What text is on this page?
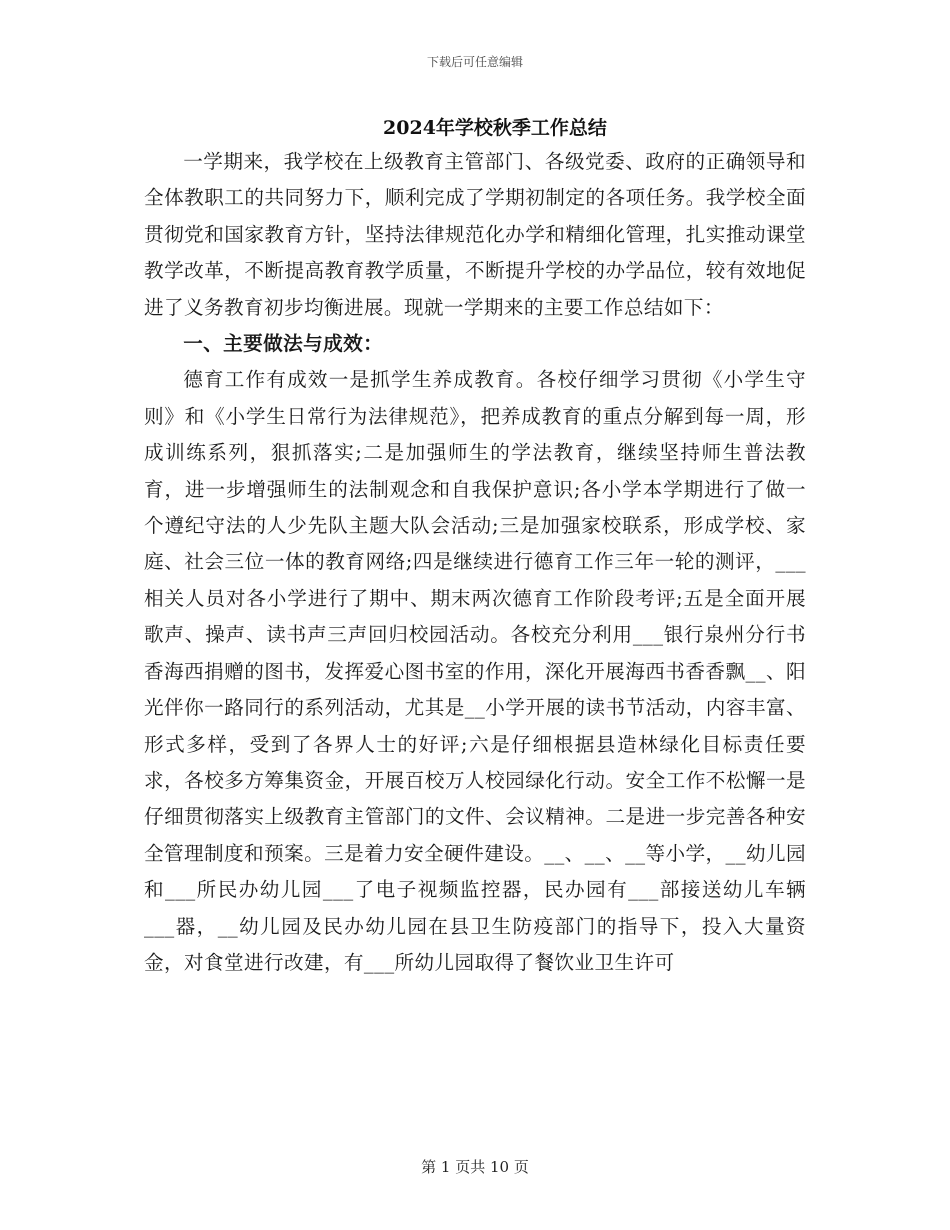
下载后可任意编辑
2024年学校秋季工作总结

一学期来，我学校在上级教育主管部门、各级党委、政府的正确领导和全体教职工的共同努力下，顺利完成了学期初制定的各项任务。我学校全面贯彻党和国家教育方针，坚持法律规范化办学和精细化管理，扎实推动课堂教学改革，不断提高教育教学质量，不断提升学校的办学品位，较有效地促进了义务教育初步均衡进展。现就一学期来的主要工作总结如下：

一、主要做法与成效：

德育工作有成效一是抓学生养成教育。各校仔细学习贯彻《小学生守则》和《小学生日常行为法律规范》，把养成教育的重点分解到每一周，形成训练系列，狠抓落实;二是加强师生的学法教育，继续坚持师生普法教育，进一步增强师生的法制观念和自我保护意识;各小学本学期进行了做一个遵纪守法的人少先队主题大队会活动;三是加强家校联系，形成学校、家庭、社会三位一体的教育网络;四是继续进行德育工作三年一轮的测评，___相关人员对各小学进行了期中、期末两次德育工作阶段考评;五是全面开展歌声、操声、读书声三声回归校园活动。各校充分利用___银行泉州分行书香海西捐赠的图书，发挥爱心图书室的作用，深化开展海西书香香飘__、阳光伴你一路同行的系列活动，尤其是__小学开展的读书节活动，内容丰富、形式多样，受到了各界人士的好评;六是仔细根据县造林绿化目标责任要求，各校多方筹集资金，开展百校万人校园绿化行动。安全工作不松懈一是仔细贯彻落实上级教育主管部门的文件、会议精神。二是进一步完善各种安全管理制度和预案。三是着力安全硬件建设。__、__、__等小学，__幼儿园和___所民办幼儿园___了电子视频监控器，民办园有___部接送幼儿车辆___器，__幼儿园及民办幼儿园在县卫生防疫部门的指导下，投入大量资金，对食堂进行改建，有___所幼儿园取得了餐饮业卫生许可

第 1 页共 10 页
